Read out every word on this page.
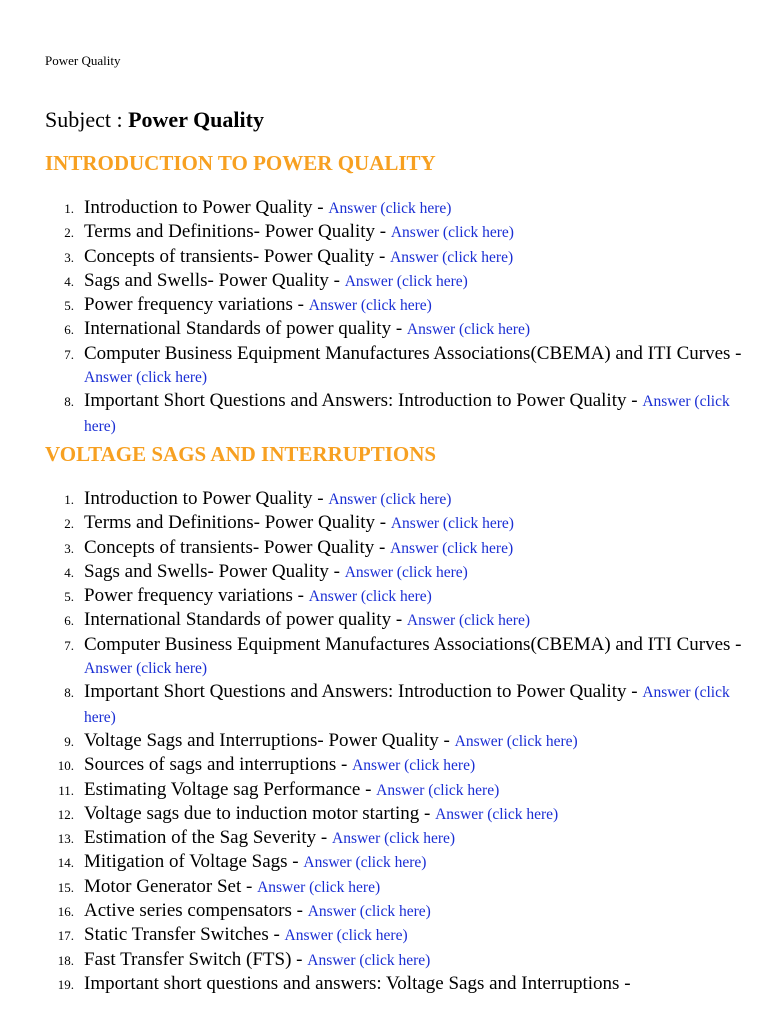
Power Quality
Subject : Power Quality
INTRODUCTION TO POWER QUALITY
1. Introduction to Power Quality - Answer (click here)
2. Terms and Definitions- Power Quality - Answer (click here)
3. Concepts of transients- Power Quality - Answer (click here)
4. Sags and Swells- Power Quality - Answer (click here)
5. Power frequency variations - Answer (click here)
6. International Standards of power quality - Answer (click here)
7. Computer Business Equipment Manufactures Associations(CBEMA) and ITI Curves - Answer (click here)
8. Important Short Questions and Answers: Introduction to Power Quality - Answer (click here)
VOLTAGE SAGS AND INTERRUPTIONS
1. Introduction to Power Quality - Answer (click here)
2. Terms and Definitions- Power Quality - Answer (click here)
3. Concepts of transients- Power Quality - Answer (click here)
4. Sags and Swells- Power Quality - Answer (click here)
5. Power frequency variations - Answer (click here)
6. International Standards of power quality - Answer (click here)
7. Computer Business Equipment Manufactures Associations(CBEMA) and ITI Curves - Answer (click here)
8. Important Short Questions and Answers: Introduction to Power Quality - Answer (click here)
9. Voltage Sags and Interruptions- Power Quality - Answer (click here)
10. Sources of sags and interruptions - Answer (click here)
11. Estimating Voltage sag Performance - Answer (click here)
12. Voltage sags due to induction motor starting - Answer (click here)
13. Estimation of the Sag Severity - Answer (click here)
14. Mitigation of Voltage Sags - Answer (click here)
15. Motor Generator Set - Answer (click here)
16. Active series compensators - Answer (click here)
17. Static Transfer Switches - Answer (click here)
18. Fast Transfer Switch (FTS) - Answer (click here)
19. Important short questions and answers: Voltage Sags and Interruptions -
